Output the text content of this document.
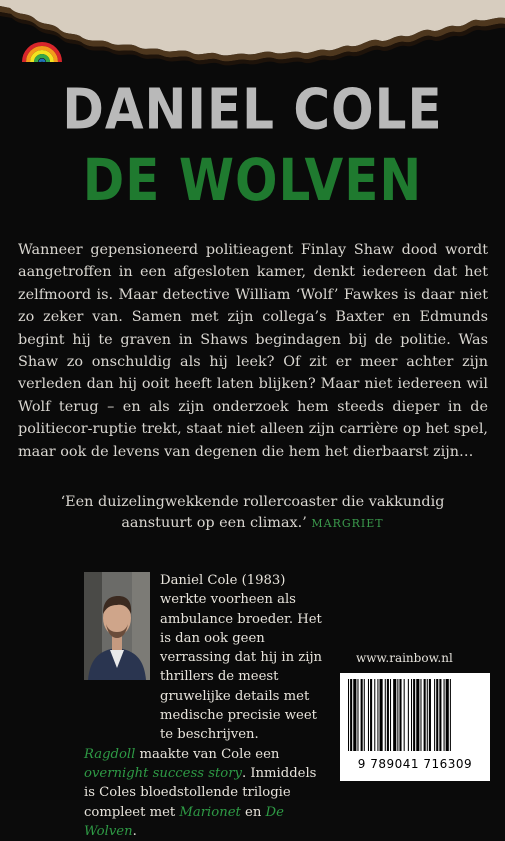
DANIEL COLE
DE WOLVEN

Wanneer gepensioneerd politieagent Finlay Shaw dood wordt aangetroffen in een afgesloten kamer, denkt iedereen dat het zelfmoord is. Maar detective William ‘Wolf’ Fawkes is daar niet zo zeker van. Samen met zijn collega’s Baxter en Edmunds begint hij te graven in Shaws begindagen bij de politie. Was Shaw zo onschuldig als hij leek? Of zit er meer achter zijn verleden dan hij ooit heeft laten blijken? Maar niet iedereen wil Wolf terug – en als zijn onderzoek hem steeds dieper in de politiecor-ruptie trekt, staat niet alleen zijn carrière op het spel, maar ook de levens van degenen die hem het dierbaarst zijn…

‘Een duizelingwekkende rollercoaster die vakkundig aanstuurt op een climax.’ MARGRIET

Daniel Cole (1983) werkte voorheen als ambulance broeder. Het is dan ook geen verrassing dat hij in zijn thrillers de meest gruwelijke details met medische precisie weet te beschrijven.
Ragdoll maakte van Cole een overnight success story. Inmiddels is Coles bloedstollende trilogie compleet met Marionet en De Wolven.

www.rainbow.nl
9 789041 716309
